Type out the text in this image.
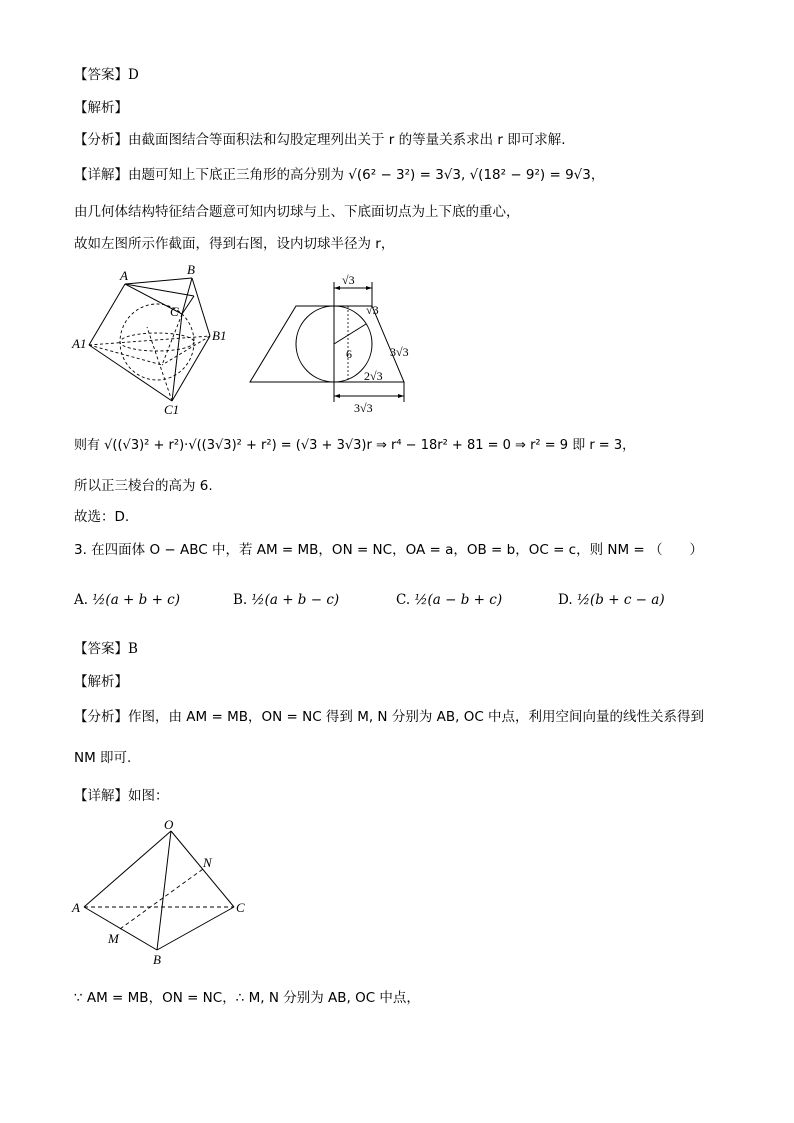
【答案】D
【解析】
【分析】由截面图结合等面积法和勾股定理列出关于 r 的等量关系求出 r 即可求解.
【详解】由题可知上下底正三角形的高分别为 √(6² − 3²) = 3√3, √(18² − 9²) = 9√3，
由几何体结构特征结合题意可知内切球与上、下底面切点为上下底的重心，
故如左图所示作截面，得到右图，设内切球半径为 r，
A	B
C
A1
B1
C1
√3
√3
6	3√3
2√3
3√3
则有 √((√3)² + r²)·√((3√3)² + r²) = (√3 + 3√3)r ⇒ r⁴ − 18r² + 81 = 0 ⇒ r² = 9 即 r = 3，
所以正三棱台的高为 6.
故选：D.
3. 在四面体 O − ABC 中，若 AM = MB，ON = NC，OA = a，OB = b，OC = c，则 NM = （　　）
A. ½(a + b + c)	B. ½(a + b − c)	C. ½(a − b + c)	D. ½(b + c − a)
【答案】B
【解析】
【分析】作图，由 AM = MB，ON = NC 得到 M, N 分别为 AB, OC 中点，利用空间向量的线性关系得到
NM 即可.
【详解】如图：
O
N
A	C
M
B
∵ AM = MB，ON = NC，∴ M, N 分别为 AB, OC 中点，
